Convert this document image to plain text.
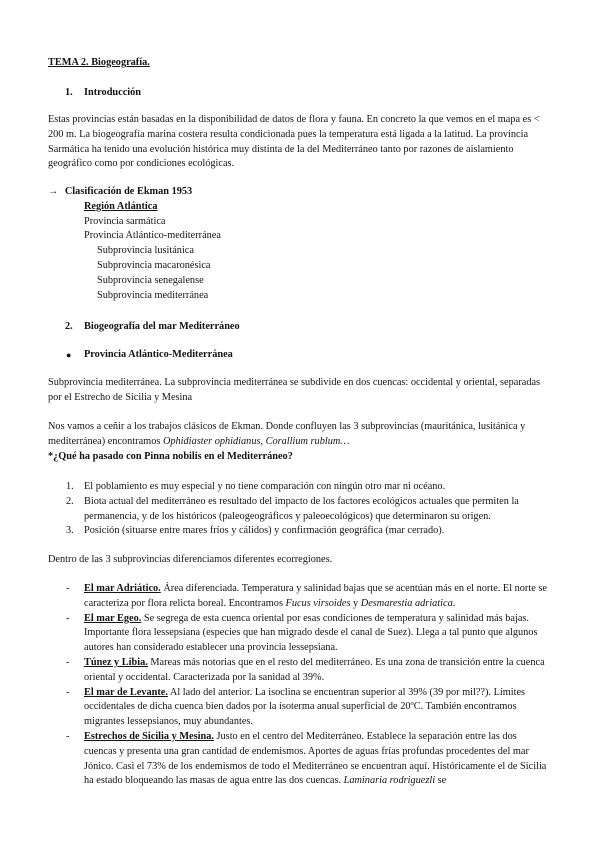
TEMA 2. Biogeografía.
1. Introducción

Estas provincias están basadas en la disponibilidad de datos de flora y fauna. En concreto la que vemos en el mapa es < 200 m. La biogeografía marina costera resulta condicionada pues la temperatura está ligada a la latitud. La provincia Sarmática ha tenido una evolución histórica muy distinta de la del Mediterráneo tanto por razones de aislamiento geográfico como por condiciones ecológicas.

→ Clasificación de Ekman 1953
Región Atlántica
Provincia sarmática
Provincia Atlántico-mediterránea
Subprovincia lusitánica
Subprovincia macaronésica
Subprovincia senegalense
Subprovincia mediterránea
2. Biogeografía del mar Mediterráneo
● Provincia Atlántico-Mediterránea

Subprovincia mediterránea. La subprovincia mediterránea se subdivide en dos cuencas: occidental y oriental, separadas por el Estrecho de Sicilia y Mesina

Nos vamos a ceñir a los trabajos clásicos de Ekman. Donde confluyen las 3 subprovincias (mauritánica, lusitánica y mediterránea) encontramos Ophidiaster ophidianus, Corallium rublum…

*¿Qué ha pasado con Pinna nobilis en el Mediterráneo?
1. El poblamiento es muy especial y no tiene comparación con ningún otro mar ni océano.
2. Biota actual del mediterráneo es resultado del impacto de los factores ecológicos actuales que permiten la permanencia, y de los históricos (paleogeográficos y paleoecológicos) que determinaron su origen.
3. Posición (situarse entre mares fríos y cálidos) y confirmación geográfica (mar cerrado).

Dentro de las 3 subprovincias diferenciamos diferentes ecorregiones.

- El mar Adriático. Área diferenciada. Temperatura y salinidad bajas que se acentúan más en el norte. El norte se caracteriza por flora relicta boreal. Encontramos Fucus virsoides y Desmarestia adriatica.
- El mar Egeo. Se segrega de esta cuenca oriental por esas condiciones de temperatura y salinidad más bajas. Importante flora lessepsiana (especies que han migrado desde el canal de Suez). Llega a tal punto que algunos autores han considerado establecer una provincia lessepsiana.
- Túnez y Libia. Mareas más notorias que en el resto del mediterráneo. Es una zona de transición entre la cuenca oriental y occidental. Caracterizada por la sanidad al 39%.
- El mar de Levante. Al lado del anterior. La isoclina se encuentran superior al 39% (39 por mil??). Límites occidentales de dicha cuenca bien dados por la isoterma anual superficial de 20ºC. También encontramos migrantes lessepsianos, muy abundantes.
- Estrechos de Sicilia y Mesina. Justo en el centro del Mediterráneo. Establece la separación entre las dos cuencas y presenta una gran cantidad de endemismos. Aportes de aguas frías profundas procedentes del mar Jónico. Casi el 73% de los endemismos de todo el Mediterráneo se encuentran aquí. Históricamente el de Sicilia ha estado bloqueando las masas de agua entre las dos cuencas. Laminaria rodriguezli se
